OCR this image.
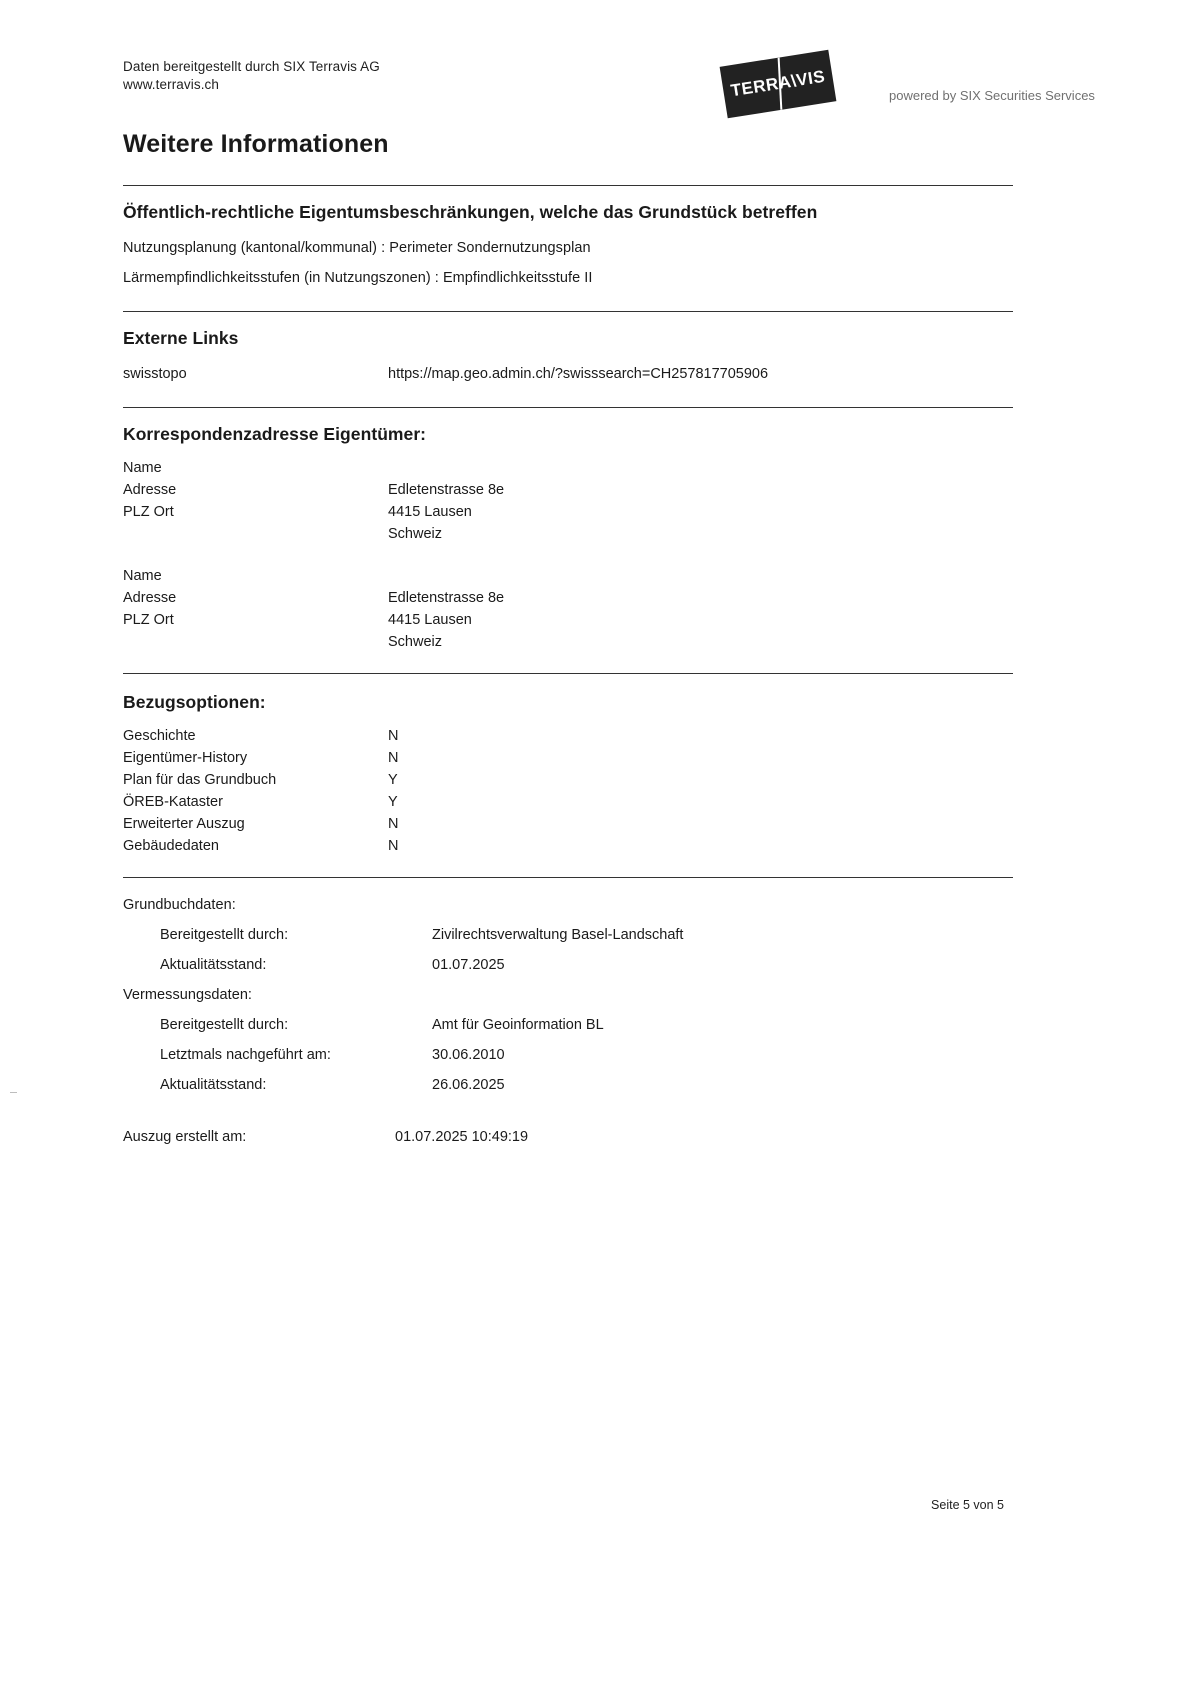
Daten bereitgestellt durch SIX Terravis AG
www.terravis.ch	TERRA\VIS	powered by SIX Securities Services
Weitere Informationen
Öffentlich-rechtliche Eigentumsbeschränkungen, welche das Grundstück betreffen
Nutzungsplanung (kantonal/kommunal) : Perimeter Sondernutzungsplan
Lärmempfindlichkeitsstufen (in Nutzungszonen) : Empfindlichkeitsstufe II
Externe Links
swisstopo	https://map.geo.admin.ch/?swisssearch=CH257817705906
Korrespondenzadresse Eigentümer:
Name
Adresse	Edletenstrasse 8e
PLZ Ort	4415 Lausen
Schweiz
Name
Adresse	Edletenstrasse 8e
PLZ Ort	4415 Lausen
Schweiz
Bezugsoptionen:
Geschichte	N
Eigentümer-History	N
Plan für das Grundbuch	Y
ÖREB-Kataster	Y
Erweiterter Auszug	N
Gebäudedaten	N
Grundbuchdaten:
Bereitgestellt durch:	Zivilrechtsverwaltung Basel-Landschaft
Aktualitätsstand:	01.07.2025
Vermessungsdaten:
Bereitgestellt durch:	Amt für Geoinformation BL
Letztmals nachgeführt am:	30.06.2010
Aktualitätsstand:	26.06.2025
Auszug erstellt am:	01.07.2025 10:49:19
Seite 5 von 5
